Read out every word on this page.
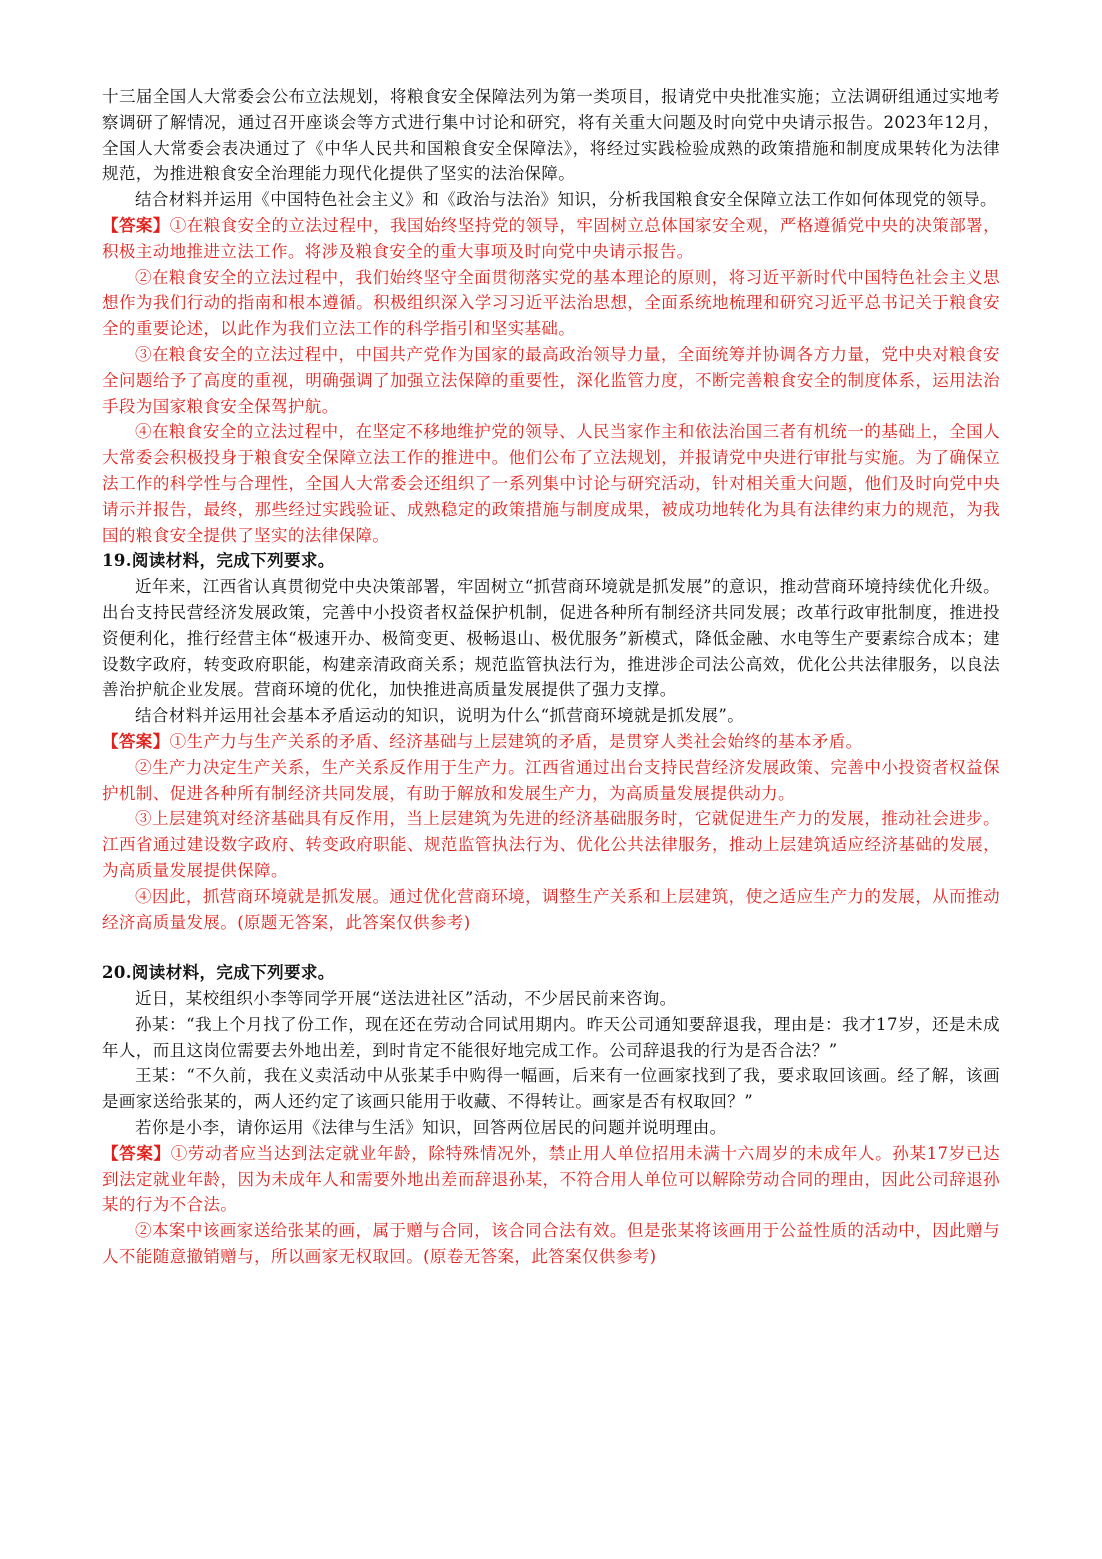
十三届全国人大常委会公布立法规划，将粮食安全保障法列为第一类项目，报请党中央批准实施；立法调研组通过实地考察调研了解情况，通过召开座谈会等方式进行集中讨论和研究，将有关重大问题及时向党中央请示报告。2023年12月，全国人大常委会表决通过了《中华人民共和国粮食安全保障法》，将经过实践检验成熟的政策措施和制度成果转化为法律规范，为推进粮食安全治理能力现代化提供了坚实的法治保障。

结合材料并运用《中国特色社会主义》和《政治与法治》知识，分析我国粮食安全保障立法工作如何体现党的领导。

【答案】①在粮食安全的立法过程中，我国始终坚持党的领导，牢固树立总体国家安全观，严格遵循党中央的决策部署，积极主动地推进立法工作。将涉及粮食安全的重大事项及时向党中央请示报告。

②在粮食安全的立法过程中，我们始终坚守全面贯彻落实党的基本理论的原则，将习近平新时代中国特色社会主义思想作为我们行动的指南和根本遵循。积极组织深入学习习近平法治思想，全面系统地梳理和研究习近平总书记关于粮食安全的重要论述，以此作为我们立法工作的科学指引和坚实基础。

③在粮食安全的立法过程中，中国共产党作为国家的最高政治领导力量，全面统筹并协调各方力量，党中央对粮食安全问题给予了高度的重视，明确强调了加强立法保障的重要性，深化监管力度，不断完善粮食安全的制度体系，运用法治手段为国家粮食安全保驾护航。

④在粮食安全的立法过程中，在坚定不移地维护党的领导、人民当家作主和依法治国三者有机统一的基础上，全国人大常委会积极投身于粮食安全保障立法工作的推进中。他们公布了立法规划，并报请党中央进行审批与实施。为了确保立法工作的科学性与合理性，全国人大常委会还组织了一系列集中讨论与研究活动，针对相关重大问题，他们及时向党中央请示并报告，最终，那些经过实践验证、成熟稳定的政策措施与制度成果，被成功地转化为具有法律约束力的规范，为我国的粮食安全提供了坚实的法律保障。

19.阅读材料，完成下列要求。

近年来，江西省认真贯彻党中央决策部署，牢固树立“抓营商环境就是抓发展”的意识，推动营商环境持续优化升级。出台支持民营经济发展政策，完善中小投资者权益保护机制，促进各种所有制经济共同发展；改革行政审批制度，推进投资便利化，推行经营主体“极速开办、极简变更、极畅退山、极优服务”新模式，降低金融、水电等生产要素综合成本；建设数字政府，转变政府职能，构建亲清政商关系；规范监管执法行为，推进涉企司法公高效，优化公共法律服务，以良法善治护航企业发展。营商环境的优化，加快推进高质量发展提供了强力支撑。

结合材料并运用社会基本矛盾运动的知识，说明为什么“抓营商环境就是抓发展”。

【答案】①生产力与生产关系的矛盾、经济基础与上层建筑的矛盾，是贯穿人类社会始终的基本矛盾。

②生产力决定生产关系，生产关系反作用于生产力。江西省通过出台支持民营经济发展政策、完善中小投资者权益保护机制、促进各种所有制经济共同发展，有助于解放和发展生产力，为高质量发展提供动力。

③上层建筑对经济基础具有反作用，当上层建筑为先进的经济基础服务时，它就促进生产力的发展，推动社会进步。江西省通过建设数字政府、转变政府职能、规范监管执法行为、优化公共法律服务，推动上层建筑适应经济基础的发展，为高质量发展提供保障。

④因此，抓营商环境就是抓发展。通过优化营商环境，调整生产关系和上层建筑，使之适应生产力的发展，从而推动经济高质量发展。(原题无答案，此答案仅供参考)

20.阅读材料，完成下列要求。

近日，某校组织小李等同学开展“送法进社区”活动，不少居民前来咨询。

孙某：“我上个月找了份工作，现在还在劳动合同试用期内。昨天公司通知要辞退我，理由是：我才17岁，还是未成年人，而且这岗位需要去外地出差，到时肯定不能很好地完成工作。公司辞退我的行为是否合法？”

王某：“不久前，我在义卖活动中从张某手中购得一幅画，后来有一位画家找到了我，要求取回该画。经了解，该画是画家送给张某的，两人还约定了该画只能用于收藏、不得转让。画家是否有权取回？”

若你是小李，请你运用《法律与生活》知识，回答两位居民的问题并说明理由。

【答案】①劳动者应当达到法定就业年龄，除特殊情况外，禁止用人单位招用未满十六周岁的未成年人。孙某17岁已达到法定就业年龄，因为未成年人和需要外地出差而辞退孙某，不符合用人单位可以解除劳动合同的理由，因此公司辞退孙某的行为不合法。

②本案中该画家送给张某的画，属于赠与合同，该合同合法有效。但是张某将该画用于公益性质的活动中，因此赠与人不能随意撤销赠与，所以画家无权取回。(原卷无答案，此答案仅供参考)
